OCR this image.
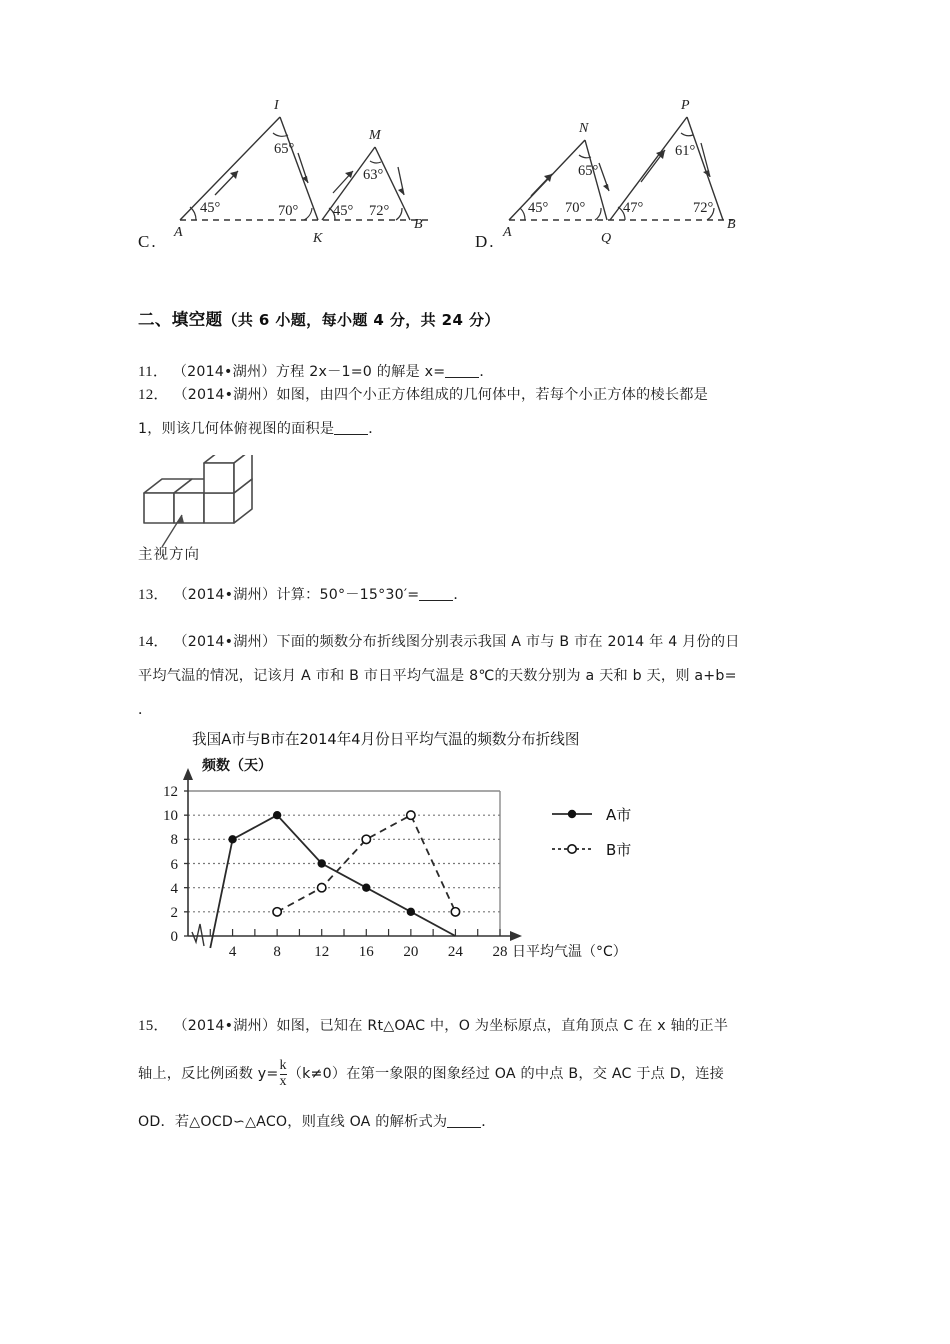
C. A
I
K
M
B
45°
65°
70° 45°
63°
72°
D. A
N
Q
P
B
45°
65°
70°	47°
61°
72°
二、填空题（共 6 小题，每小题 4 分，共 24 分）
11． （2014•湖州）方程 2x－1=0 的解是 x= ．
12． （2014•湖州）如图，由四个小正方体组成的几何体中，若每个小正方体的棱长都是
1，则该几何体俯视图的面积是 ．
主视方向
13． （2014•湖州）计算：50°－15°30′= ．
14． （2014•湖州）下面的频数分布折线图分别表示我国 A 市与 B 市在 2014 年 4 月份的日
平均气温的情况，记该月 A 市和 B 市日平均气温是 8℃的天数分别为 a 天和 b 天，则 a+b=
．
我国A市与B市在2014年4月份日平均气温的频数分布折线图
0
2
4
6
8
10
12
4 8 12 16 20 24 28
频数（天）
日平均气温（°C）
A市
B市
15． （2014•湖州）如图，已知在 Rt△OAC 中，O 为坐标原点，直角顶点 C 在 x 轴的正半
轴上，反比例函数 $y= \frac{k}{x} (k\ne 0)$在第一象限的图象经过 OA 的中点 B，交 AC 于点 D，连接
OD．若△OCD∽△ACO，则直线 OA 的解析式为 ．
